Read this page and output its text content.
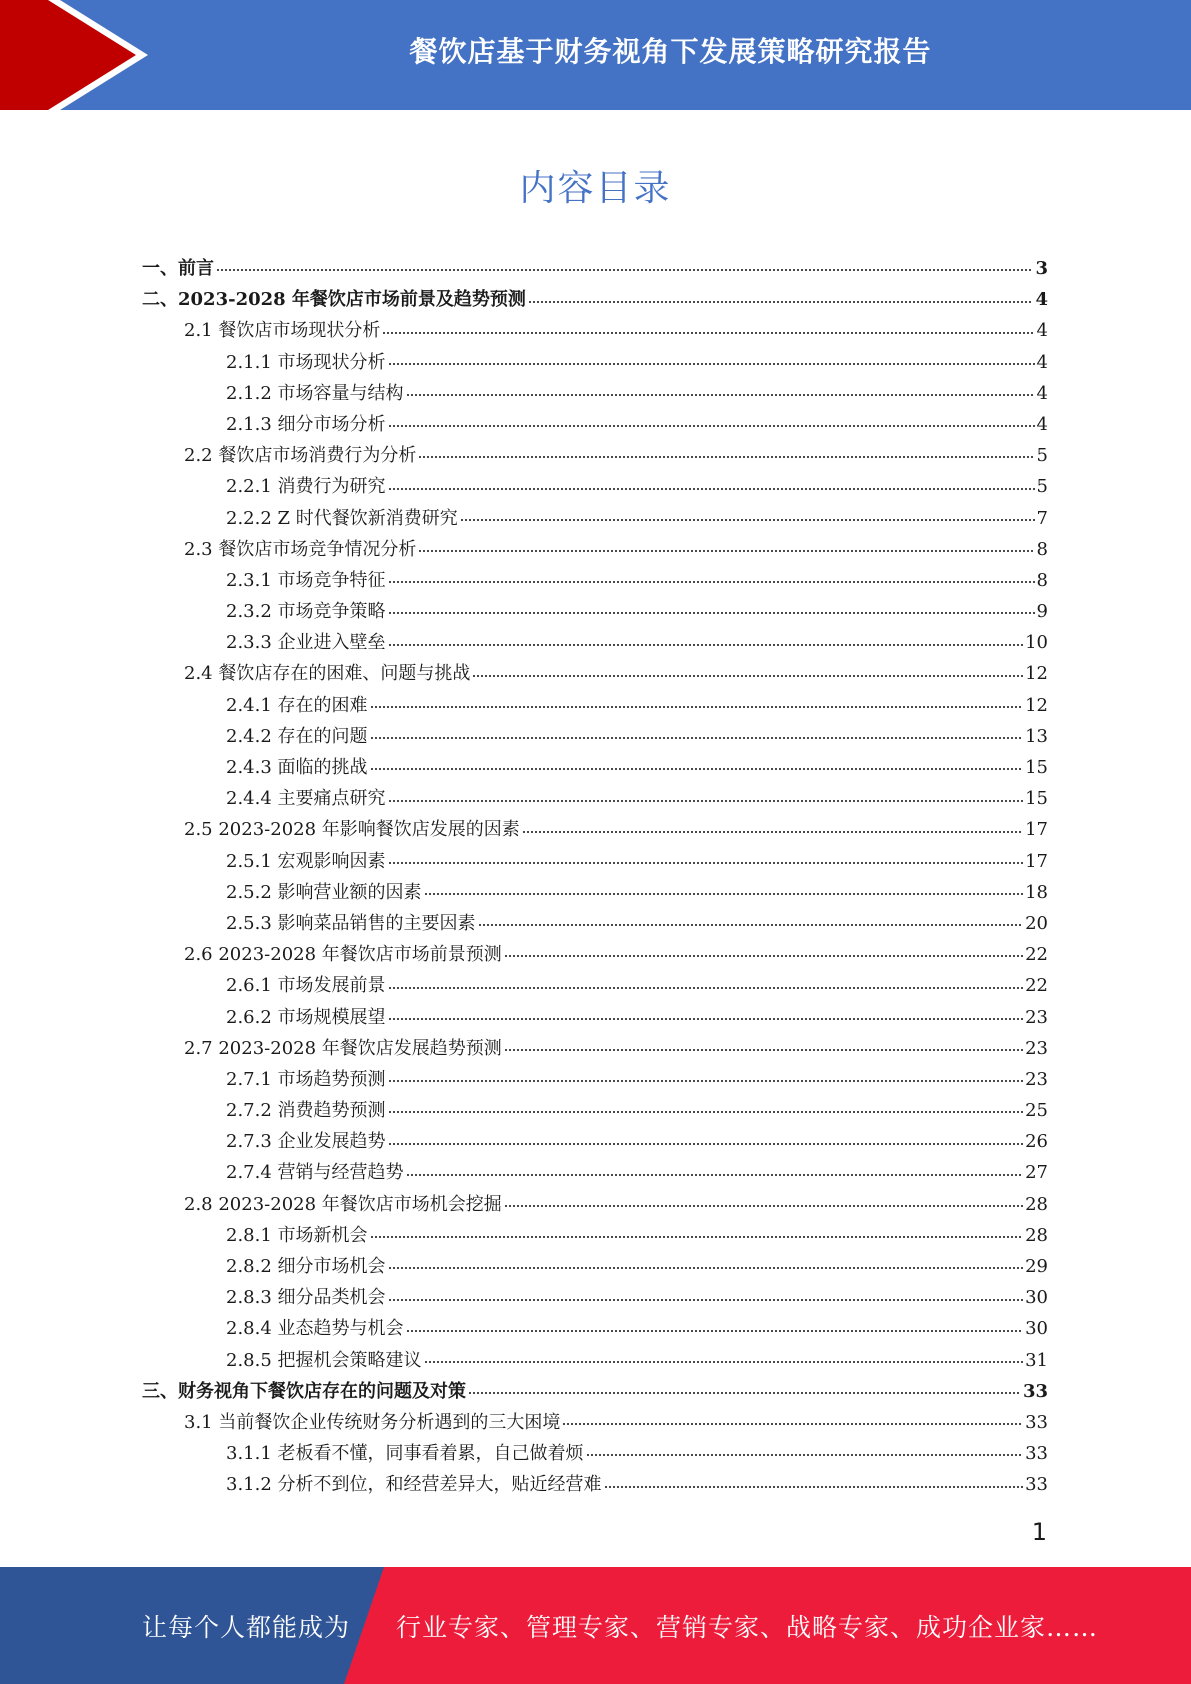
餐饮店基于财务视角下发展策略研究报告
内容目录
一、前言	3
二、2023-2028 年餐饮店市场前景及趋势预测	4
2.1 餐饮店市场现状分析	4
2.1.1 市场现状分析	4
2.1.2 市场容量与结构	4
2.1.3 细分市场分析	4
2.2 餐饮店市场消费行为分析	5
2.2.1 消费行为研究	5
2.2.2 Z 时代餐饮新消费研究	7
2.3 餐饮店市场竞争情况分析	8
2.3.1 市场竞争特征	8
2.3.2 市场竞争策略	9
2.3.3 企业进入壁垒	10
2.4 餐饮店存在的困难、问题与挑战	12
2.4.1 存在的困难	12
2.4.2 存在的问题	13
2.4.3 面临的挑战	15
2.4.4 主要痛点研究	15
2.5 2023-2028 年影响餐饮店发展的因素	17
2.5.1 宏观影响因素	17
2.5.2 影响营业额的因素	18
2.5.3 影响菜品销售的主要因素	20
2.6 2023-2028 年餐饮店市场前景预测	22
2.6.1 市场发展前景	22
2.6.2 市场规模展望	23
2.7 2023-2028 年餐饮店发展趋势预测	23
2.7.1 市场趋势预测	23
2.7.2 消费趋势预测	25
2.7.3 企业发展趋势	26
2.7.4 营销与经营趋势	27
2.8 2023-2028 年餐饮店市场机会挖掘	28
2.8.1 市场新机会	28
2.8.2 细分市场机会	29
2.8.3 细分品类机会	30
2.8.4 业态趋势与机会	30
2.8.5 把握机会策略建议	31
三、财务视角下餐饮店存在的问题及对策	33
3.1 当前餐饮企业传统财务分析遇到的三大困境	33
3.1.1 老板看不懂，同事看着累，自己做着烦	33
3.1.2 分析不到位，和经营差异大，贴近经营难	33
1
让每个人都能成为 行业专家、管理专家、营销专家、战略专家、成功企业家……
